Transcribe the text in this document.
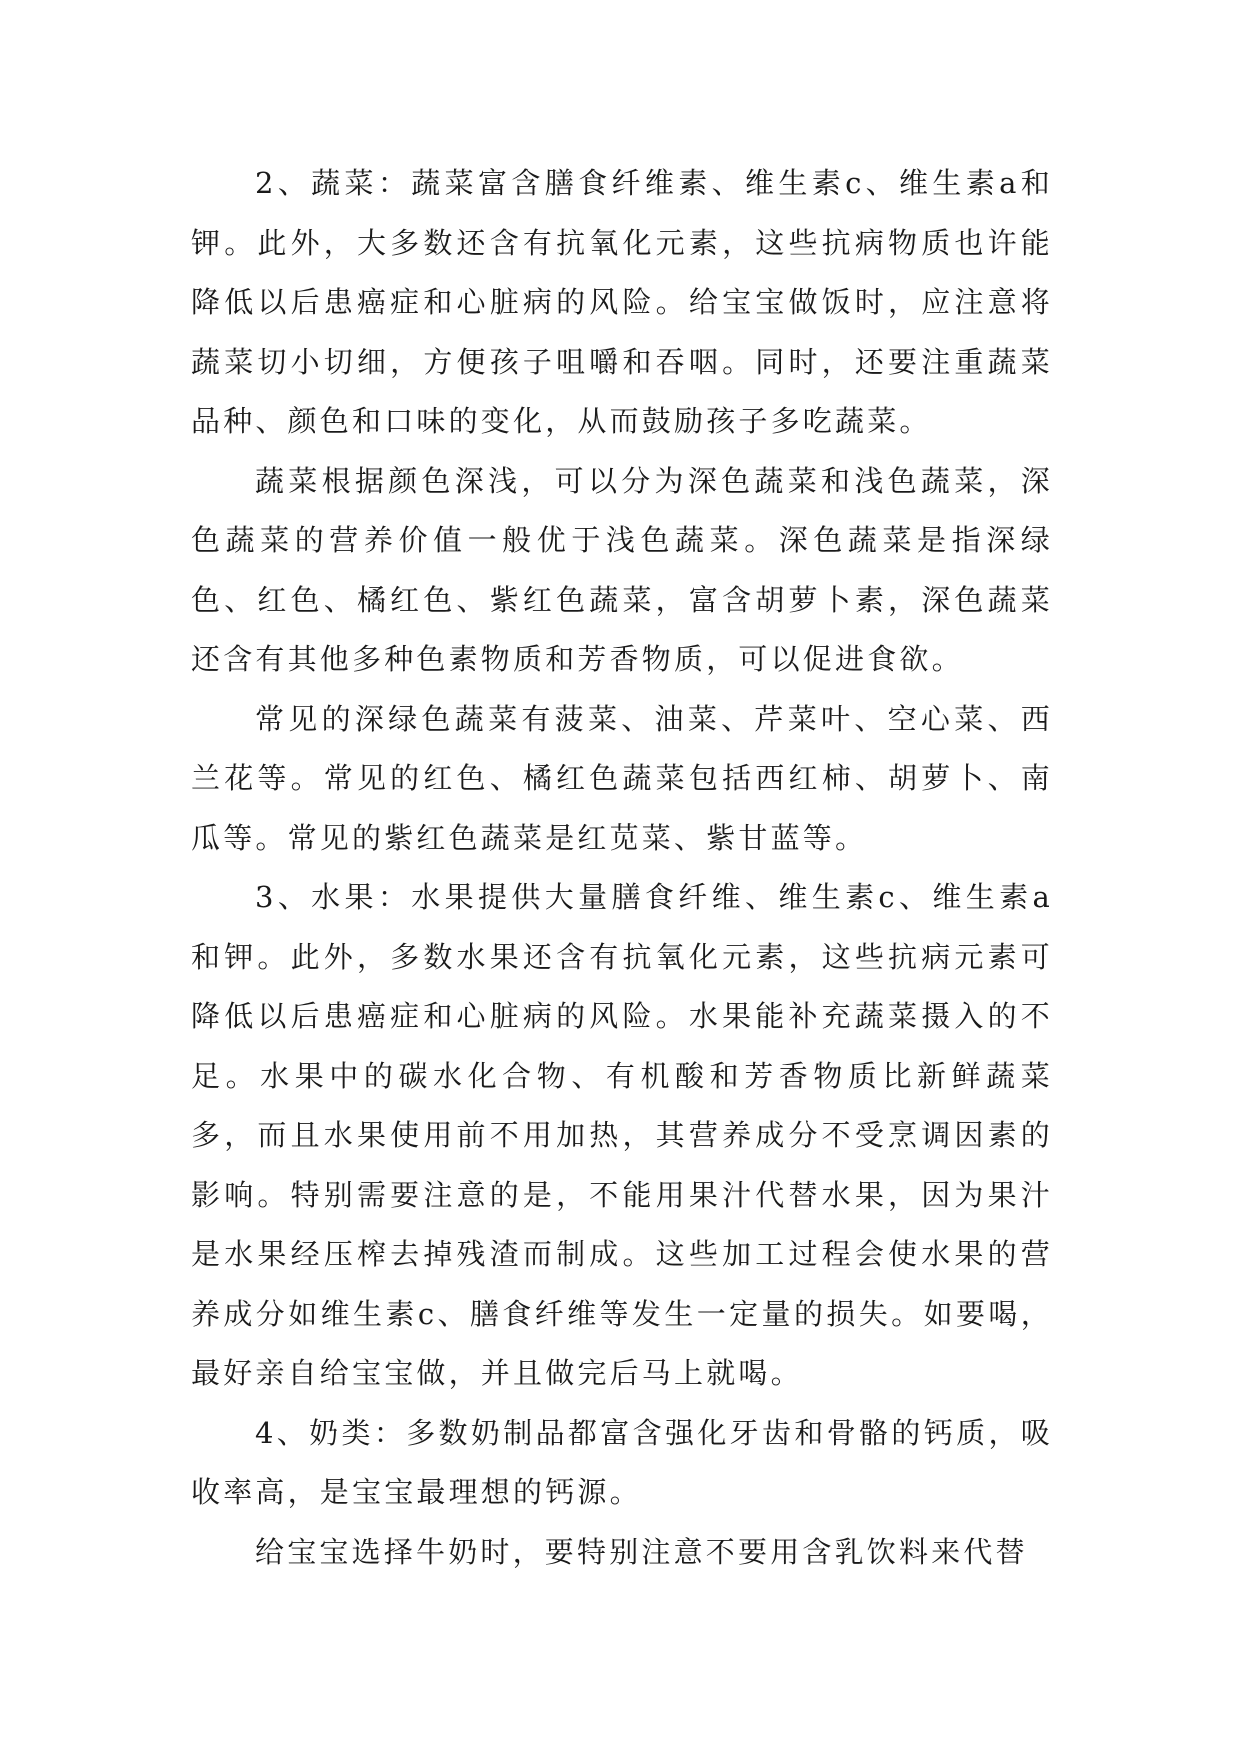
2、蔬菜：蔬菜富含膳食纤维素、维生素c、维生素a和钾。此外，大多数还含有抗氧化元素，这些抗病物质也许能降低以后患癌症和心脏病的风险。给宝宝做饭时，应注意将蔬菜切小切细，方便孩子咀嚼和吞咽。同时，还要注重蔬菜品种、颜色和口味的变化，从而鼓励孩子多吃蔬菜。

蔬菜根据颜色深浅，可以分为深色蔬菜和浅色蔬菜，深色蔬菜的营养价值一般优于浅色蔬菜。深色蔬菜是指深绿色、红色、橘红色、紫红色蔬菜，富含胡萝卜素，深色蔬菜还含有其他多种色素物质和芳香物质，可以促进食欲。

常见的深绿色蔬菜有菠菜、油菜、芹菜叶、空心菜、西兰花等。常见的红色、橘红色蔬菜包括西红柿、胡萝卜、南瓜等。常见的紫红色蔬菜是红苋菜、紫甘蓝等。

3、水果：水果提供大量膳食纤维、维生素c、维生素a和钾。此外，多数水果还含有抗氧化元素，这些抗病元素可降低以后患癌症和心脏病的风险。水果能补充蔬菜摄入的不足。水果中的碳水化合物、有机酸和芳香物质比新鲜蔬菜多，而且水果使用前不用加热，其营养成分不受烹调因素的影响。特别需要注意的是，不能用果汁代替水果，因为果汁是水果经压榨去掉残渣而制成。这些加工过程会使水果的营养成分如维生素c、膳食纤维等发生一定量的损失。如要喝，最好亲自给宝宝做，并且做完后马上就喝。

4、奶类：多数奶制品都富含强化牙齿和骨骼的钙质，吸收率高，是宝宝最理想的钙源。

给宝宝选择牛奶时，要特别注意不要用含乳饮料来代替
